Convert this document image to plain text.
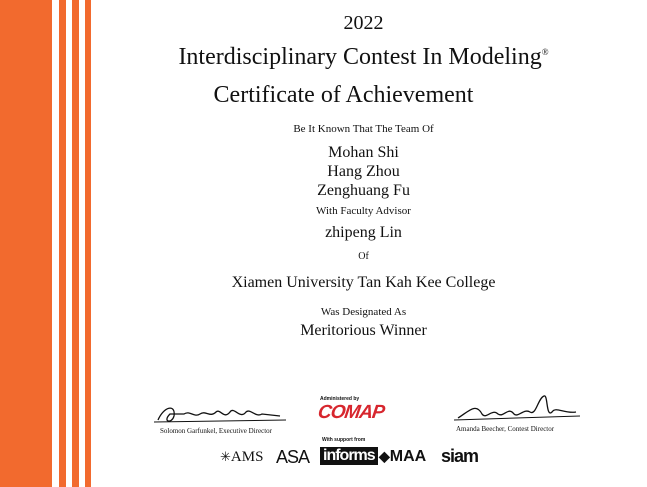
2022
Interdisciplinary Contest In Modeling®
Certificate of Achievement
Be It Known That The Team Of
Mohan Shi
Hang Zhou
Zenghuang Fu
With Faculty Advisor
zhipeng Lin
Of
Xiamen University Tan Kah Kee College
Was Designated As
Meritorious Winner
Solomon Garfunkel, Executive Director	Amanda Beecher, Contest Director
Administered by
COMAP
With support from
✳AMS ASA informs ◆MAA siam
